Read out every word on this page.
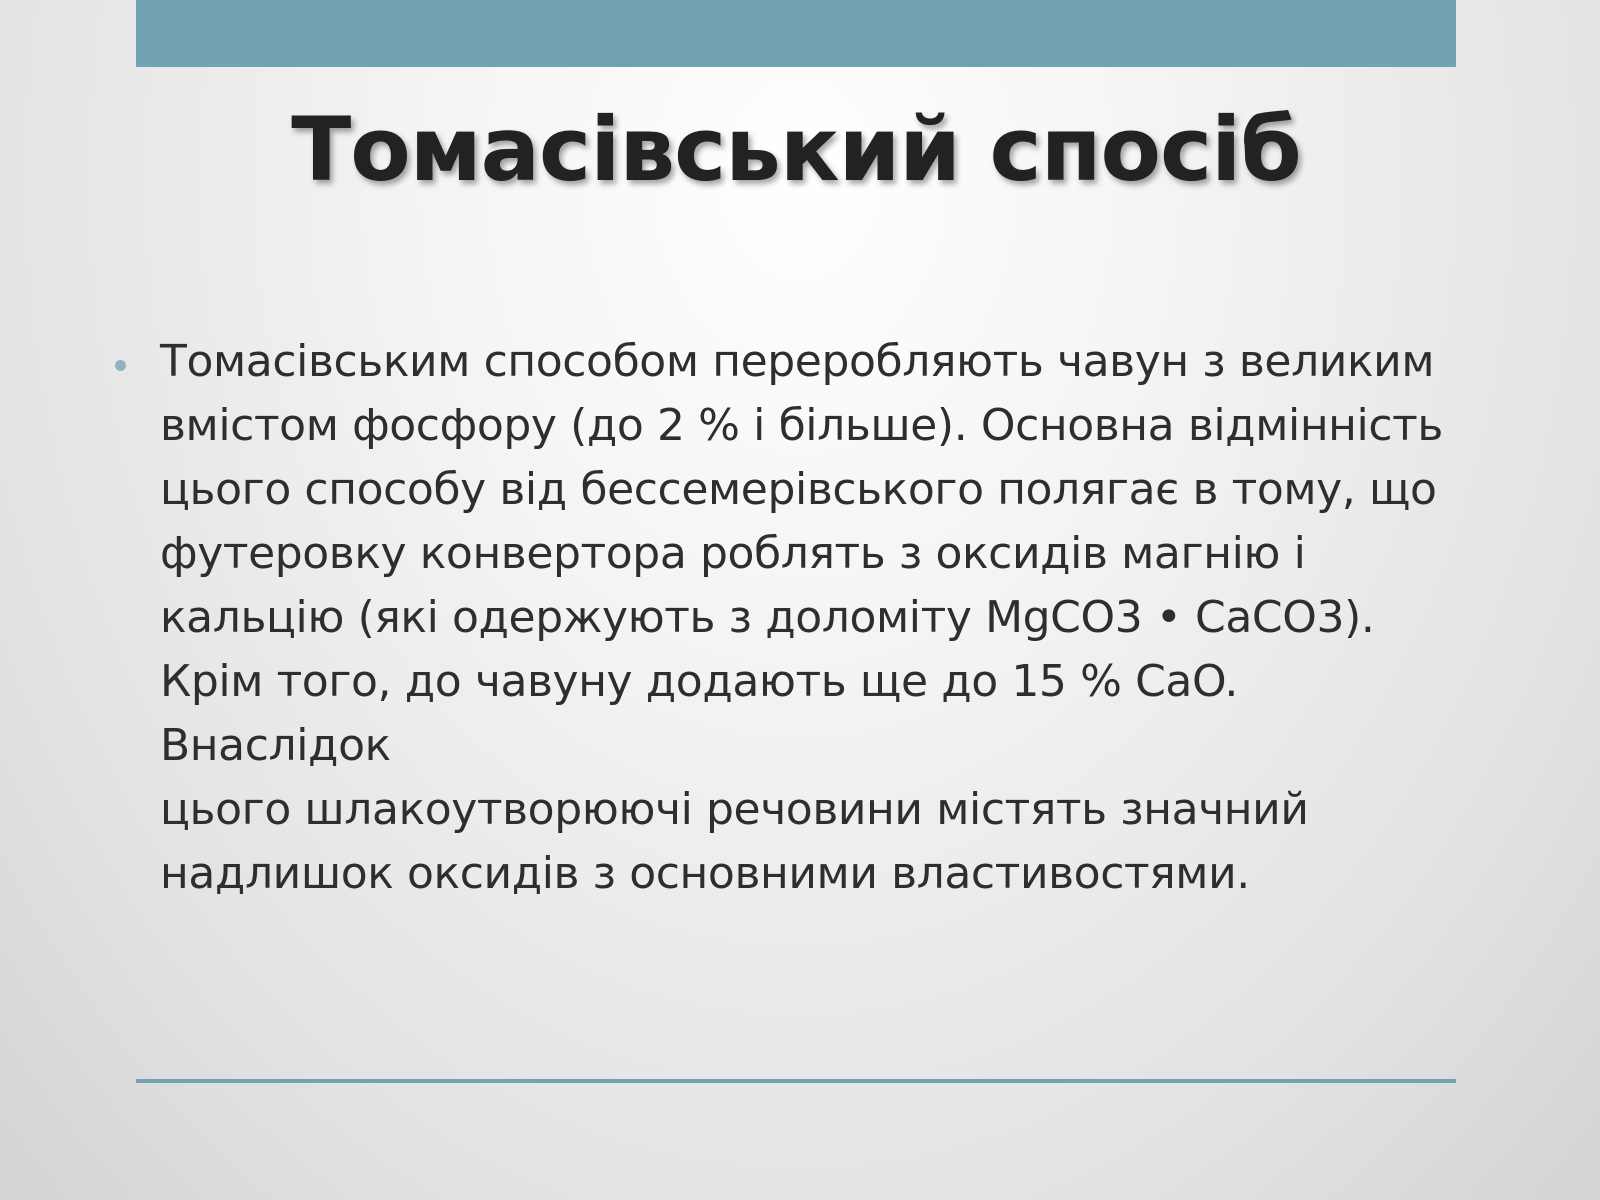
Томасівський спосіб
Томасівським способом переробляють чавун з великим
вмістом фосфору (до 2 % і більше). Основна відмінність
цього способу від бессемерівського полягає в тому, що
футеровку конвертора роблять з оксидів магнію і
кальцію (які одержують з доломіту MgCO3 • CaCO3).
Крім того, до чавуну додають ще до 15 % CaO. Внаслідок
цього шлакоутворюючі речовини містять значний
надлишок оксидів з основними властивостями.
